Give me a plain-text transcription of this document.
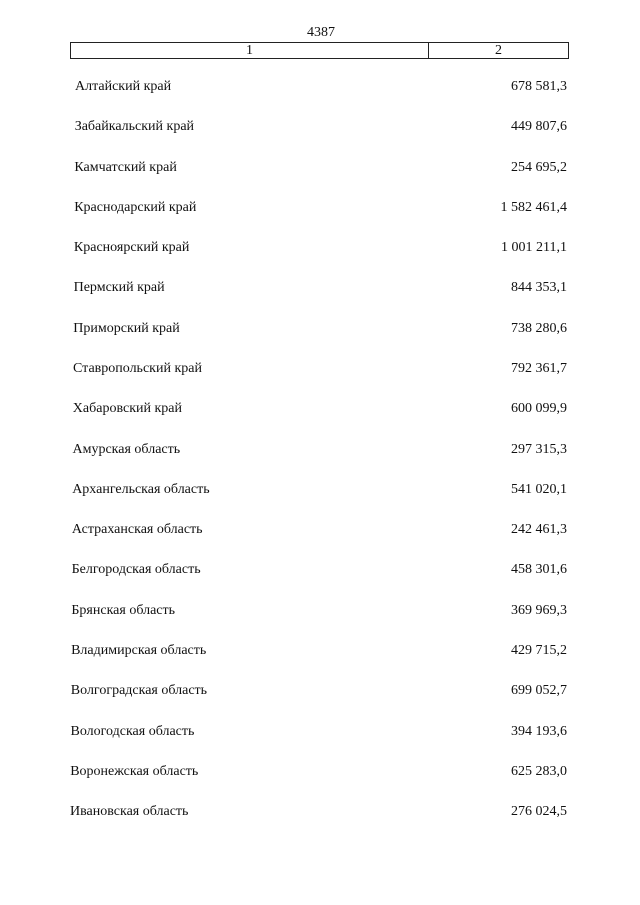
4387
1	2
Алтайский край	678 581,3
Забайкальский край	449 807,6
Камчатский край	254 695,2
Краснодарский край	1 582 461,4
Красноярский край	1 001 211,1
Пермский край	844 353,1
Приморский край	738 280,6
Ставропольский край	792 361,7
Хабаровский край	600 099,9
Амурская область	297 315,3
Архангельская область	541 020,1
Астраханская область	242 461,3
Белгородская область	458 301,6
Брянская область	369 969,3
Владимирская область	429 715,2
Волгоградская область	699 052,7
Вологодская область	394 193,6
Воронежская область	625 283,0
Ивановская область	276 024,5
